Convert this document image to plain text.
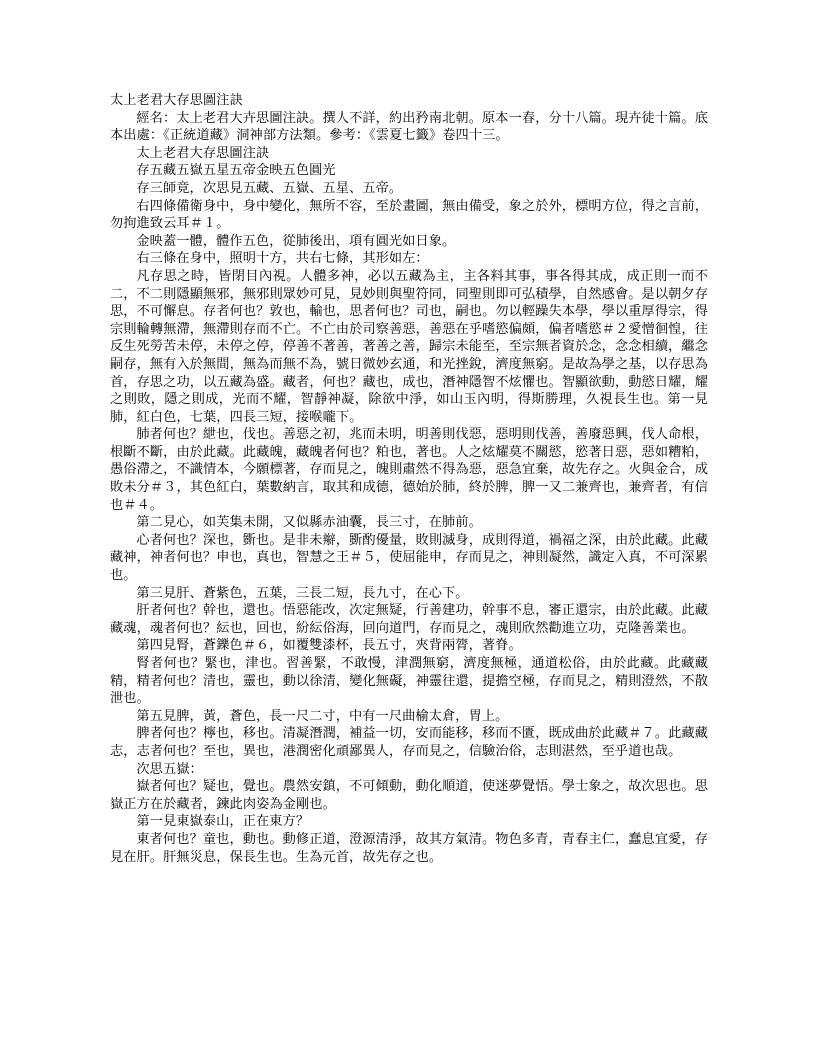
太上老君大存思圖注訣

經名：太上老君大卉思圖注訣。撰人不詳，約出矜南北朝。原本一春，分十八篇。現卉徒十篇。底本出處：《正統道藏》洞神部方法類。參考：《雲夏七籤》卷四十三。

太上老君大存思圖注訣

存五藏五嶽五星五帝金映五色圓光

存三師竟，次思見五藏、五嶽、五星、五帝。

右四條備衛身中，身中變化，無所不容，至於畫圖，無由備受，象之於外，標明方位，得之言前，勿拘進致云耳＃１。

金映蓋一體，體作五色，從肺後出，項有圓光如日象。

右三條在身中，照明十方，共右七條，其形如左：

凡存思之時，皆閉目內視。人體多神，必以五藏為主，主各料其事，事各得其成，成正則一而不二，不二則隱顯無邪，無邪則眾妙可見，見妙則與聖符同，同聖則即可弘積學，自然感會。是以朝夕存思，不可懈息。存者何也？敦也，輸也，思者何也？司也，嗣也。勿以輕躁失本學，學以重厚得宗，得宗則輪轉無滯，無滯則存而不亡。不亡由於司察善惡，善惡在乎嗜慾偏頗，偏者嗜慾＃２愛憎徊惶，往反生死勞苦未停，未停之停，停善不著善，著善之善，歸宗未能至，至宗無者資於念，念念相續，繼念嗣存，無有入於無間，無為而無不為，號日微妙玄通，和光挫銳，濟度無窮。是故為學之基，以存思為首，存思之功，以五藏為盛。藏者，何也？藏也，成也，潛神隱智不炫懼也。智顯欲動，動慾日耀，耀之則敗，隱之則成，光而不耀，智靜神凝，除欲中淨，如山玉內明，得斯勝理，久視長生也。第一見肺，紅白色，七葉，四長三短，接喉嚨下。

肺者何也？紲也，伐也。善惡之初，兆而未明，明善則伐惡，惡明則伐善，善廢惡興，伐人命根，根斷不斷，由於此藏。此藏魄，藏魄者何也？粕也，著也。人之炫耀莫不關慾，慾著日惡，惡如糟粕，愚俗滯之，不識情本，今願標著，存而見之，魄則肅然不得為惡，惡急宜棄，故先存之。火與金合，成敗未分＃３，其色紅白，葉數納言，取其和成德，德始於肺，終於脾，脾一又二兼齊也，兼齊者，有信也＃４。

第二見心，如芙集未開，又似縣赤油囊，長三寸，在肺前。

心者何也？深也，斵也。是非未辮，斵酌優量，敗則滅身，成則得道，禍福之深，由於此藏。此藏藏神，神者何也？申也，真也，智慧之王＃５，使屈能申，存而見之，神則凝然，識定入真，不可深累也。

第三見肝、蒼紫色，五葉，三長二短，長九寸，在心下。

肝者何也？幹也，還也。悟惡能改，次定無疑，行善建功，幹事不息，審正還宗，由於此藏。此藏藏魂，魂者何也？紜也，回也，紛紜俗海，回向道門，存而見之，魂則欣然勸進立功，克隆善業也。

第四見腎，蒼鑠色＃６，如覆雙漆杯，長五寸，夾背兩膂，著脊。

腎者何也？緊也，津也。習善緊，不敢慢，津潤無窮，濟度無極，通道松俗，由於此藏。此藏藏精，精者何也？清也，靈也，動以徐清，變化無礙，神靈往還，提擔空極，存而見之，精則澄然，不散泄也。

第五見脾，黃，蒼色，長一尺二寸，中有一尺曲榆太倉，胃上。

脾者何也？檸也，移也。清凝潛潤，補益一切，安而能移，移而不匱，既成曲於此藏＃７。此藏藏志，志者何也？至也，異也，港潤密化頑鄙異人，存而見之，信驗治俗，志則湛然，至乎道也哉。

次思五嶽：

嶽者何也？疑也，覺也。農然安鎮，不可傾動，動化順道，使迷夢覺悟。學士象之，故次思也。思嶽正方在於藏者，鍊此肉姿為金剛也。

第一見東嶽泰山，正在東方？

東者何也？童也，動也。動修正道，澄源清淨，故其方氣清。物色多青，青春主仁，蠢息宜愛，存見在肝。肝無災息，保長生也。生為元首，故先存之也。
